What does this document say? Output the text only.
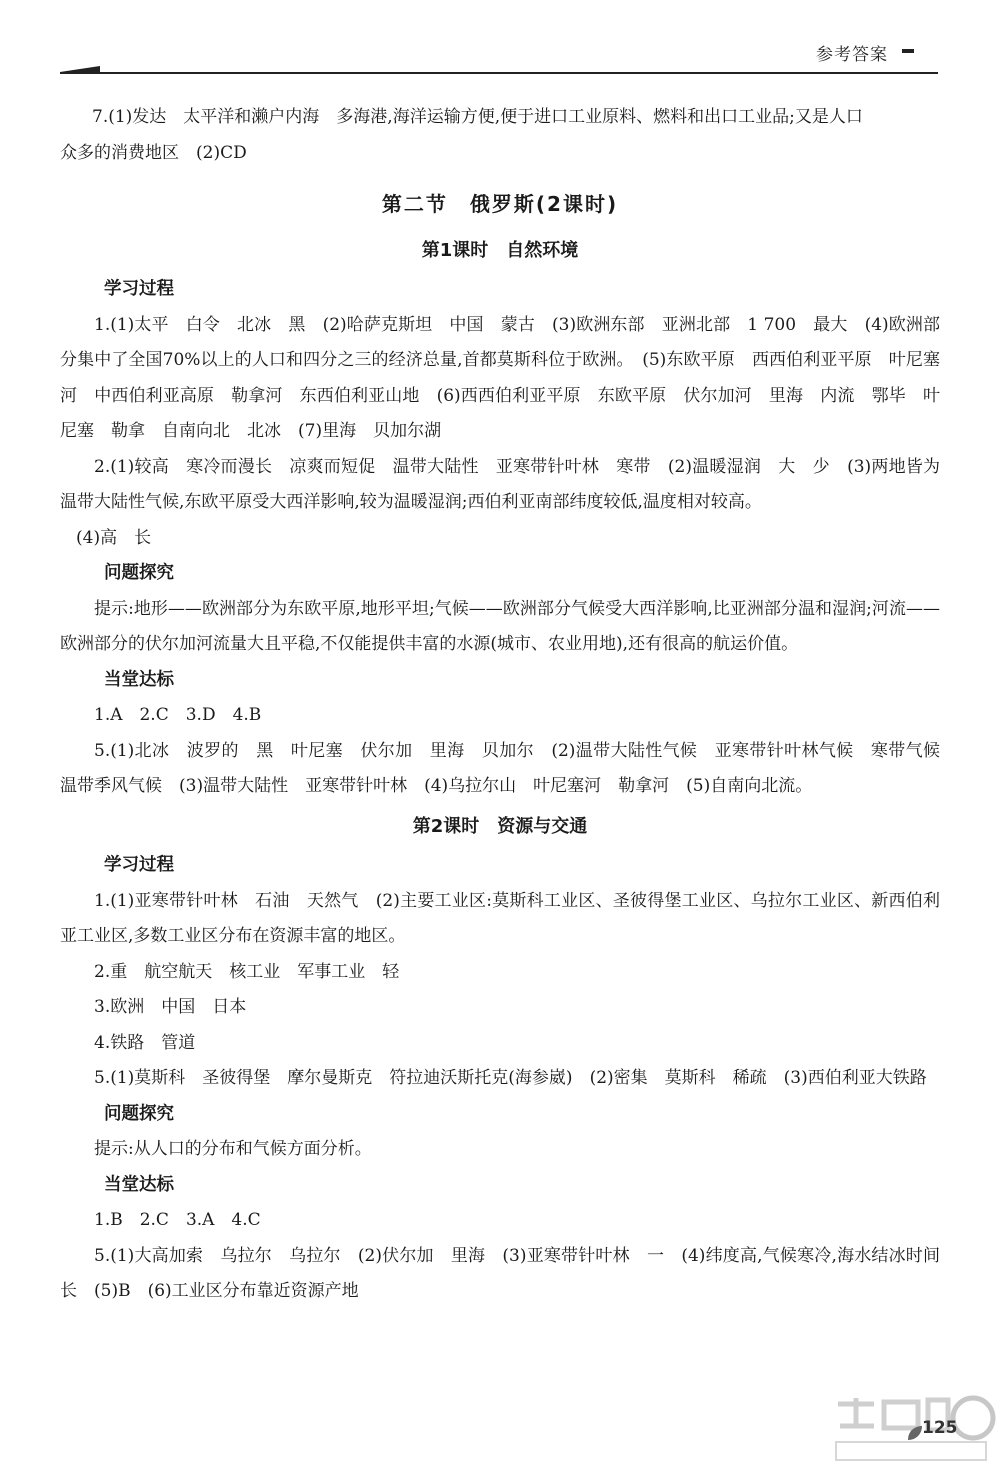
参考答案

7.(1)发达　太平洋和濑户内海　多海港,海洋运输方便,便于进口工业原料、燃料和出口工业品;又是人口

众多的消费地区　(2)CD

第二节　俄罗斯(2课时)
第1课时　自然环境

学习过程

1.(1)太平　白令　北冰　黑　(2)哈萨克斯坦　中国　蒙古　(3)欧洲东部　亚洲北部　1 700　最大　(4)欧洲部分集中了全国70%以上的人口和四分之三的经济总量,首都莫斯科位于欧洲。　(5)东欧平原　西西伯利亚平原　叶尼塞河　中西伯利亚高原　勒拿河　东西伯利亚山地　(6)西西伯利亚平原　东欧平原　伏尔加河　里海　内流　鄂毕　叶尼塞　勒拿　自南向北　北冰　(7)里海　贝加尔湖

2.(1)较高　寒冷而漫长　凉爽而短促　温带大陆性　亚寒带针叶林　寒带　(2)温暖湿润　大　少　(3)两地皆为温带大陆性气候,东欧平原受大西洋影响,较为温暖湿润;西伯利亚南部纬度较低,温度相对较高。

(4)高　长

问题探究

提示:地形——欧洲部分为东欧平原,地形平坦;气候——欧洲部分气候受大西洋影响,比亚洲部分温和湿润;河流——欧洲部分的伏尔加河流量大且平稳,不仅能提供丰富的水源(城市、农业用地),还有很高的航运价值。

当堂达标

1.A　2.C　3.D　4.B

5.(1)北冰　波罗的　黑　叶尼塞　伏尔加　里海　贝加尔　(2)温带大陆性气候　亚寒带针叶林气候　寒带气候　温带季风气候　(3)温带大陆性　亚寒带针叶林　(4)乌拉尔山　叶尼塞河　勒拿河　(5)自南向北流。

第2课时　资源与交通

学习过程

1.(1)亚寒带针叶林　石油　天然气　(2)主要工业区:莫斯科工业区、圣彼得堡工业区、乌拉尔工业区、新西伯利亚工业区,多数工业区分布在资源丰富的地区。

2.重　航空航天　核工业　军事工业　轻

3.欧洲　中国　日本

4.铁路　管道

5.(1)莫斯科　圣彼得堡　摩尔曼斯克　符拉迪沃斯托克(海参崴)　(2)密集　莫斯科　稀疏　(3)西伯利亚大铁路

问题探究

提示:从人口的分布和气候方面分析。

当堂达标

1.B　2.C　3.A　4.C

5.(1)大高加索　乌拉尔　乌拉尔　(2)伏尔加　里海　(3)亚寒带针叶林　一　(4)纬度高,气候寒冷,海水结冰时间长　(5)B　(6)工业区分布靠近资源产地

125
